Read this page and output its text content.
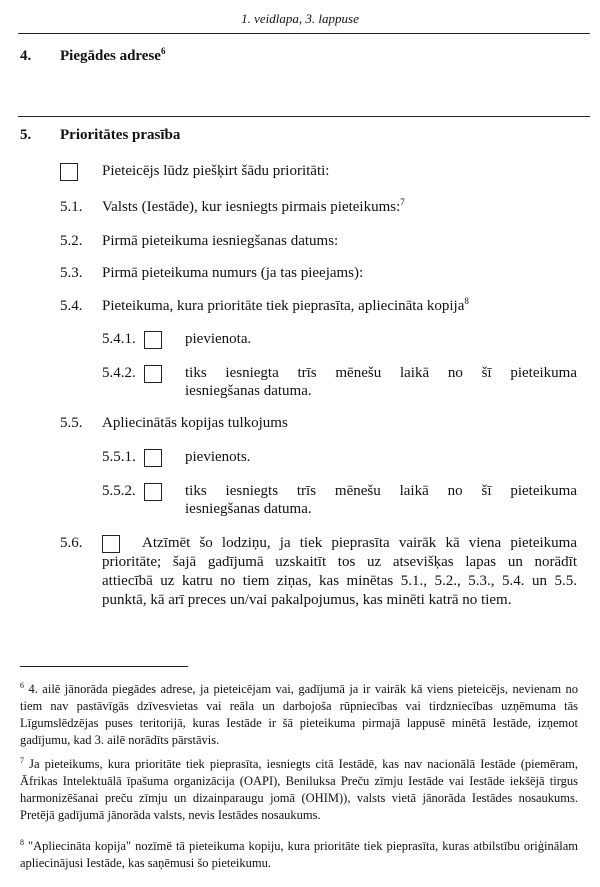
1. veidlapa, 3. lappuse
4. Piegādes adrese$^6$
5. Prioritātes prasība
Pieteicējs lūdz piešķirt šādu prioritāti:
5.1. Valsts (Iestāde), kur iesniegts pirmais pieteikums:$^7$
5.2. Pirmā pieteikuma iesniegšanas datums:
5.3. Pirmā pieteikuma numurs (ja tas pieejams):
5.4. Pieteikuma, kura prioritāte tiek pieprasīta, apliecināta kopija$^8$
5.4.1.	pievienota.
5.4.2.	tiks iesniegta trīs mēnešu laikā no šī pieteikuma
iesniegšanas datuma.
5.5. Apliecinātās kopijas tulkojums
5.5.1.	pievienots.
5.5.2.	tiks iesniegts trīs mēnešu laikā no šī pieteikuma
iesniegšanas datuma.
5.6.	Atzīmēt šo lodziņu, ja tiek pieprasīta vairāk kā viena pieteikuma
prioritāte; šajā gadījumā uzskaitīt tos uz atsevišķas lapas un norādīt
attiecībā uz katru no tiem ziņas, kas minētas 5.1., 5.2., 5.3., 5.4. un 5.5.
punktā, kā arī preces un/vai pakalpojumus, kas minēti katrā no tiem.
$^6$ 4. ailē jānorāda piegādes adrese, ja pieteicējam vai, gadījumā ja ir vairāk kā viens pieteicējs, nevienam no tiem nav pastāvīgās dzīvesvietas vai reāla un darbojoša rūpniecības vai tirdzniecības uzņēmuma tās Līgumslēdzējas puses teritorijā, kuras Iestāde ir šā pieteikuma pirmajā lappusē minētā Iestāde, izņemot gadījumu, kad 3. ailē norādīts pārstāvis.
$^7$ Ja pieteikums, kura prioritāte tiek pieprasīta, iesniegts citā Iestādē, kas nav nacionālā Iestāde (piemēram, Āfrikas Intelektuālā īpašuma organizācija (OAPI), Beniluksa Preču zīmju Iestāde vai Iestāde iekšējā tirgus harmonizēšanai preču zīmju un dizainparaugu jomā (OHIM)), valsts vietā jānorāda Iestādes nosaukums. Pretējā gadījumā jānorāda valsts, nevis Iestādes nosaukums.
$^8$ "Apliecināta kopija" nozīmē tā pieteikuma kopiju, kura prioritāte tiek pieprasīta, kuras atbilstību oriģinālam apliecinājusi Iestāde, kas saņēmusi šo pieteikumu.
